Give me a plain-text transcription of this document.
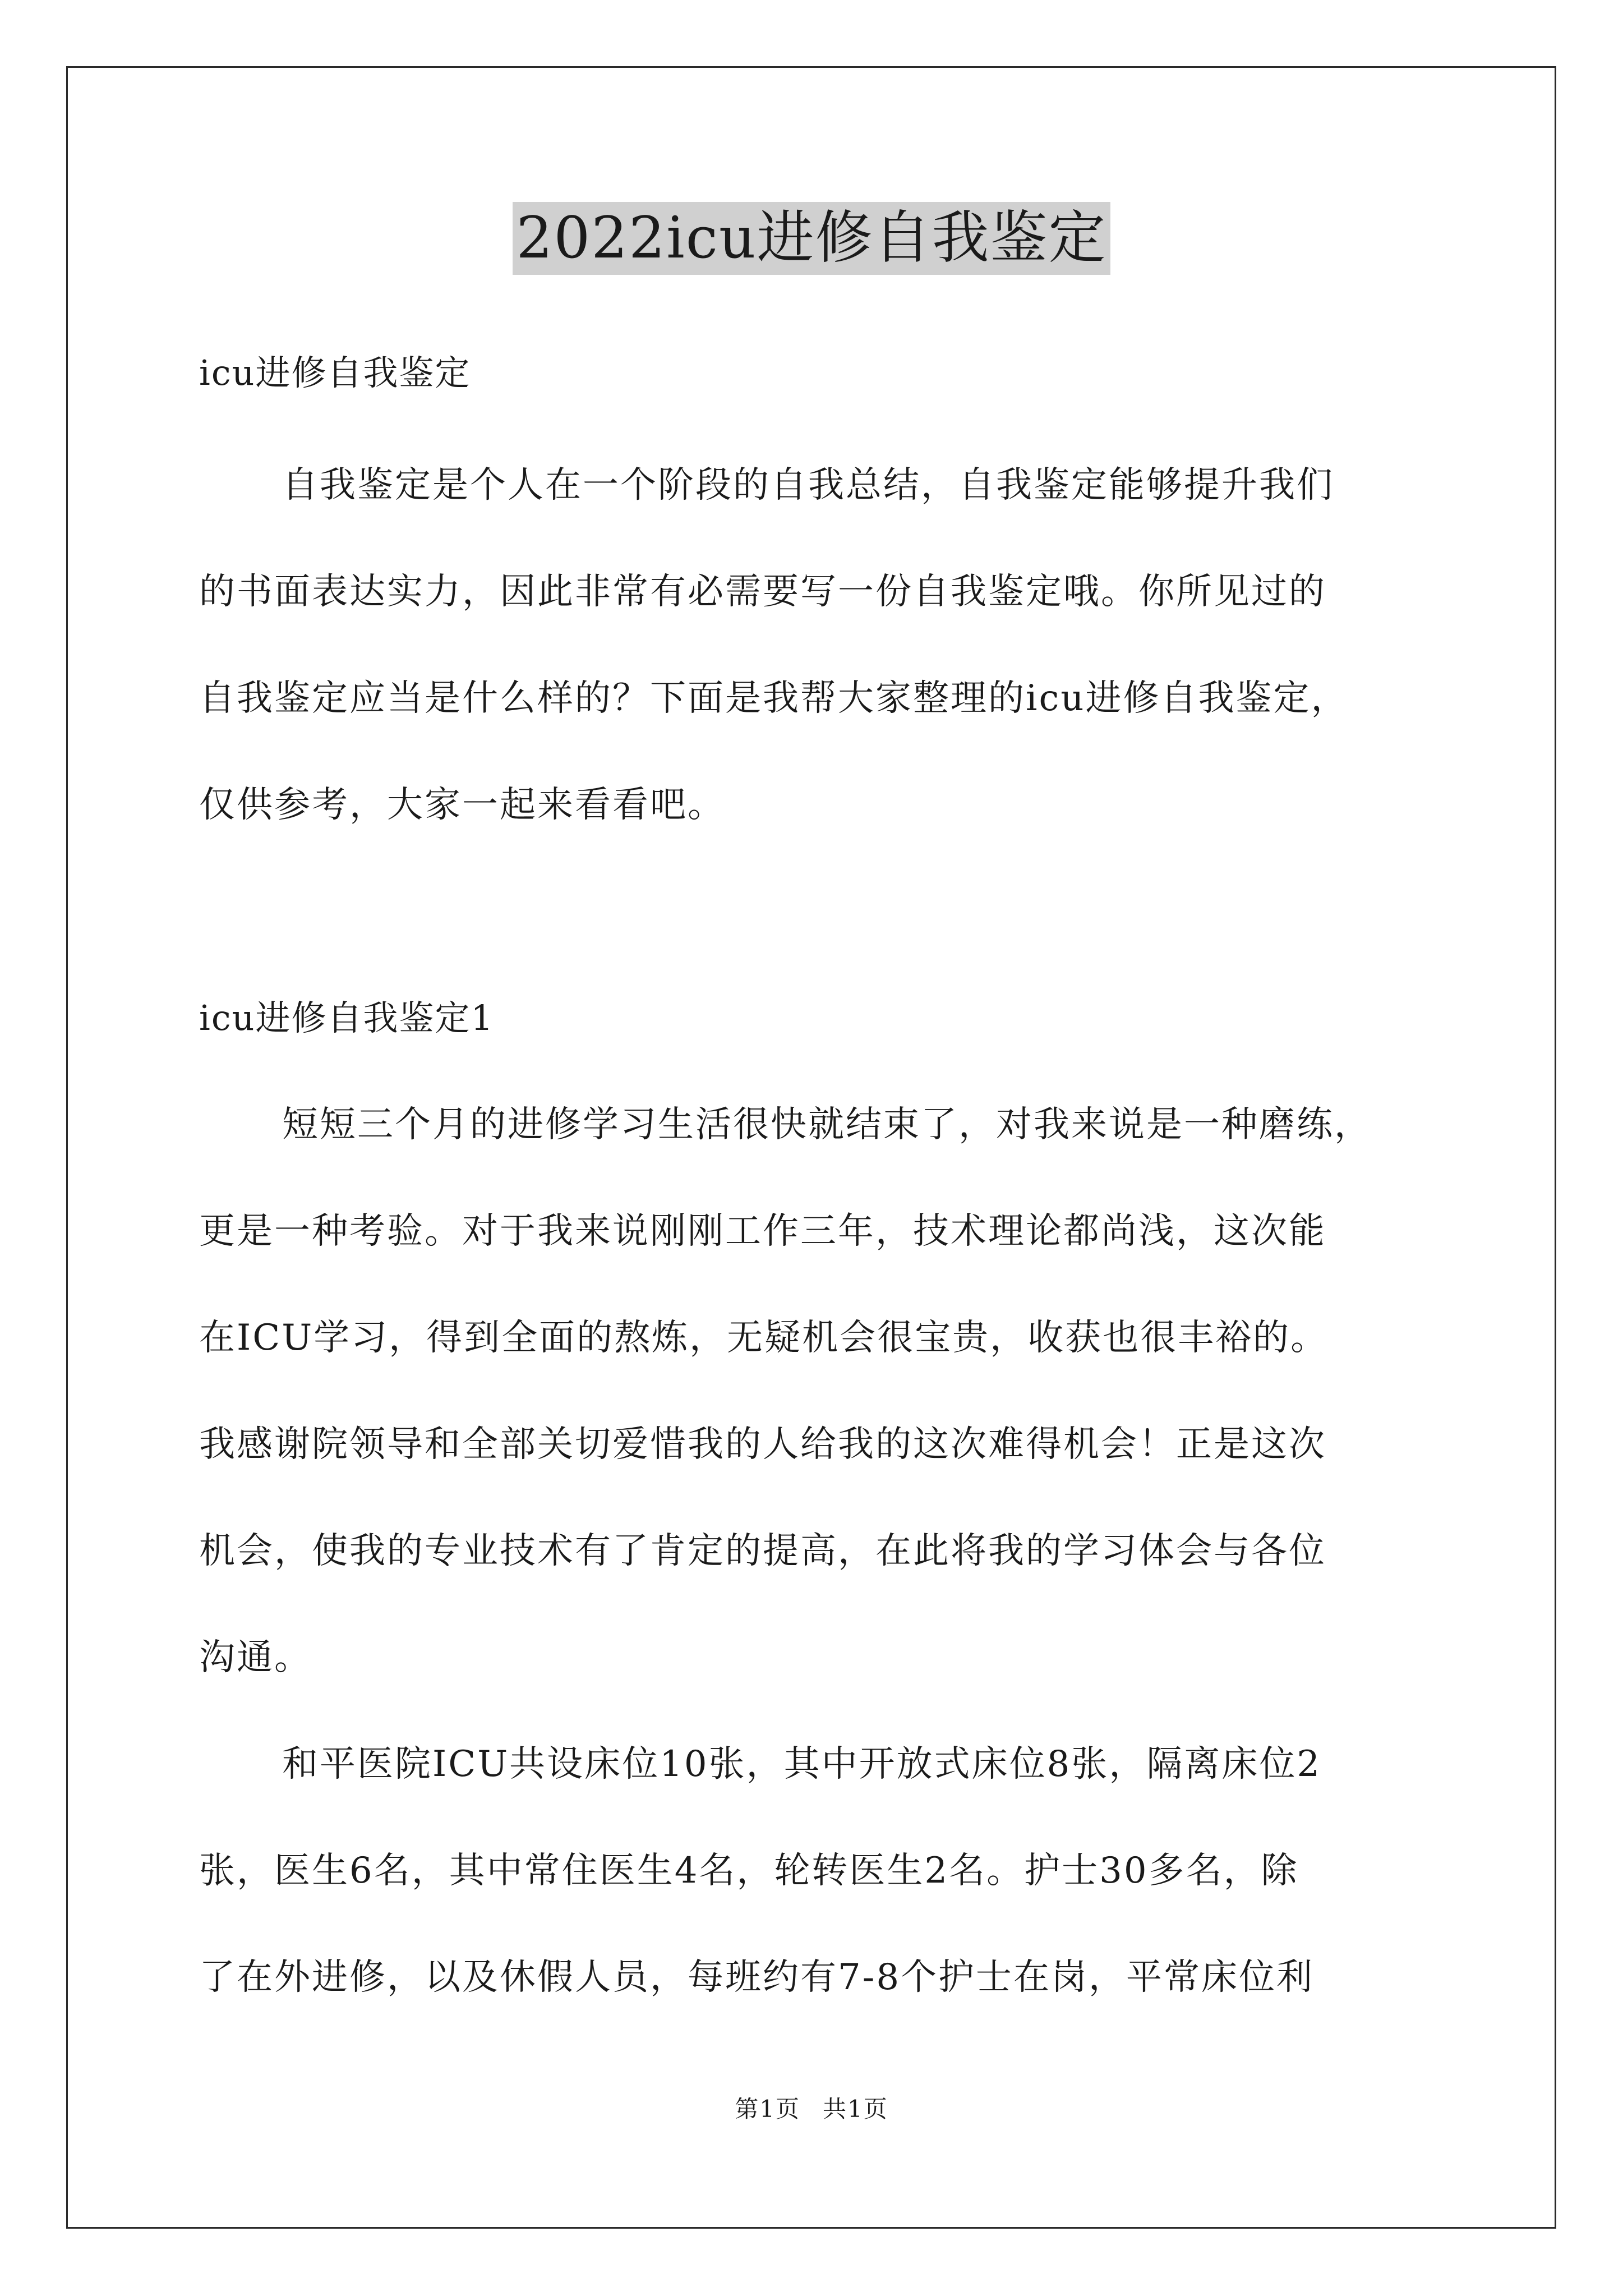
2022icu进修自我鉴定
icu进修自我鉴定
自我鉴定是个人在一个阶段的自我总结，自我鉴定能够提升我们
的书面表达实力，因此非常有必需要写一份自我鉴定哦。你所见过的
自我鉴定应当是什么样的？下面是我帮大家整理的icu进修自我鉴定，
仅供参考，大家一起来看看吧。
icu进修自我鉴定1
短短三个月的进修学习生活很快就结束了，对我来说是一种磨练，
更是一种考验。对于我来说刚刚工作三年，技术理论都尚浅，这次能
在ICU学习，得到全面的熬炼，无疑机会很宝贵，收获也很丰裕的。
我感谢院领导和全部关切爱惜我的人给我的这次难得机会！正是这次
机会，使我的专业技术有了肯定的提高，在此将我的学习体会与各位
沟通。
和平医院ICU共设床位10张，其中开放式床位8张，隔离床位2
张，医生6名，其中常住医生4名，轮转医生2名。护士30多名，除
了在外进修，以及休假人员，每班约有7-8个护士在岗，平常床位利
第1页 共1页
